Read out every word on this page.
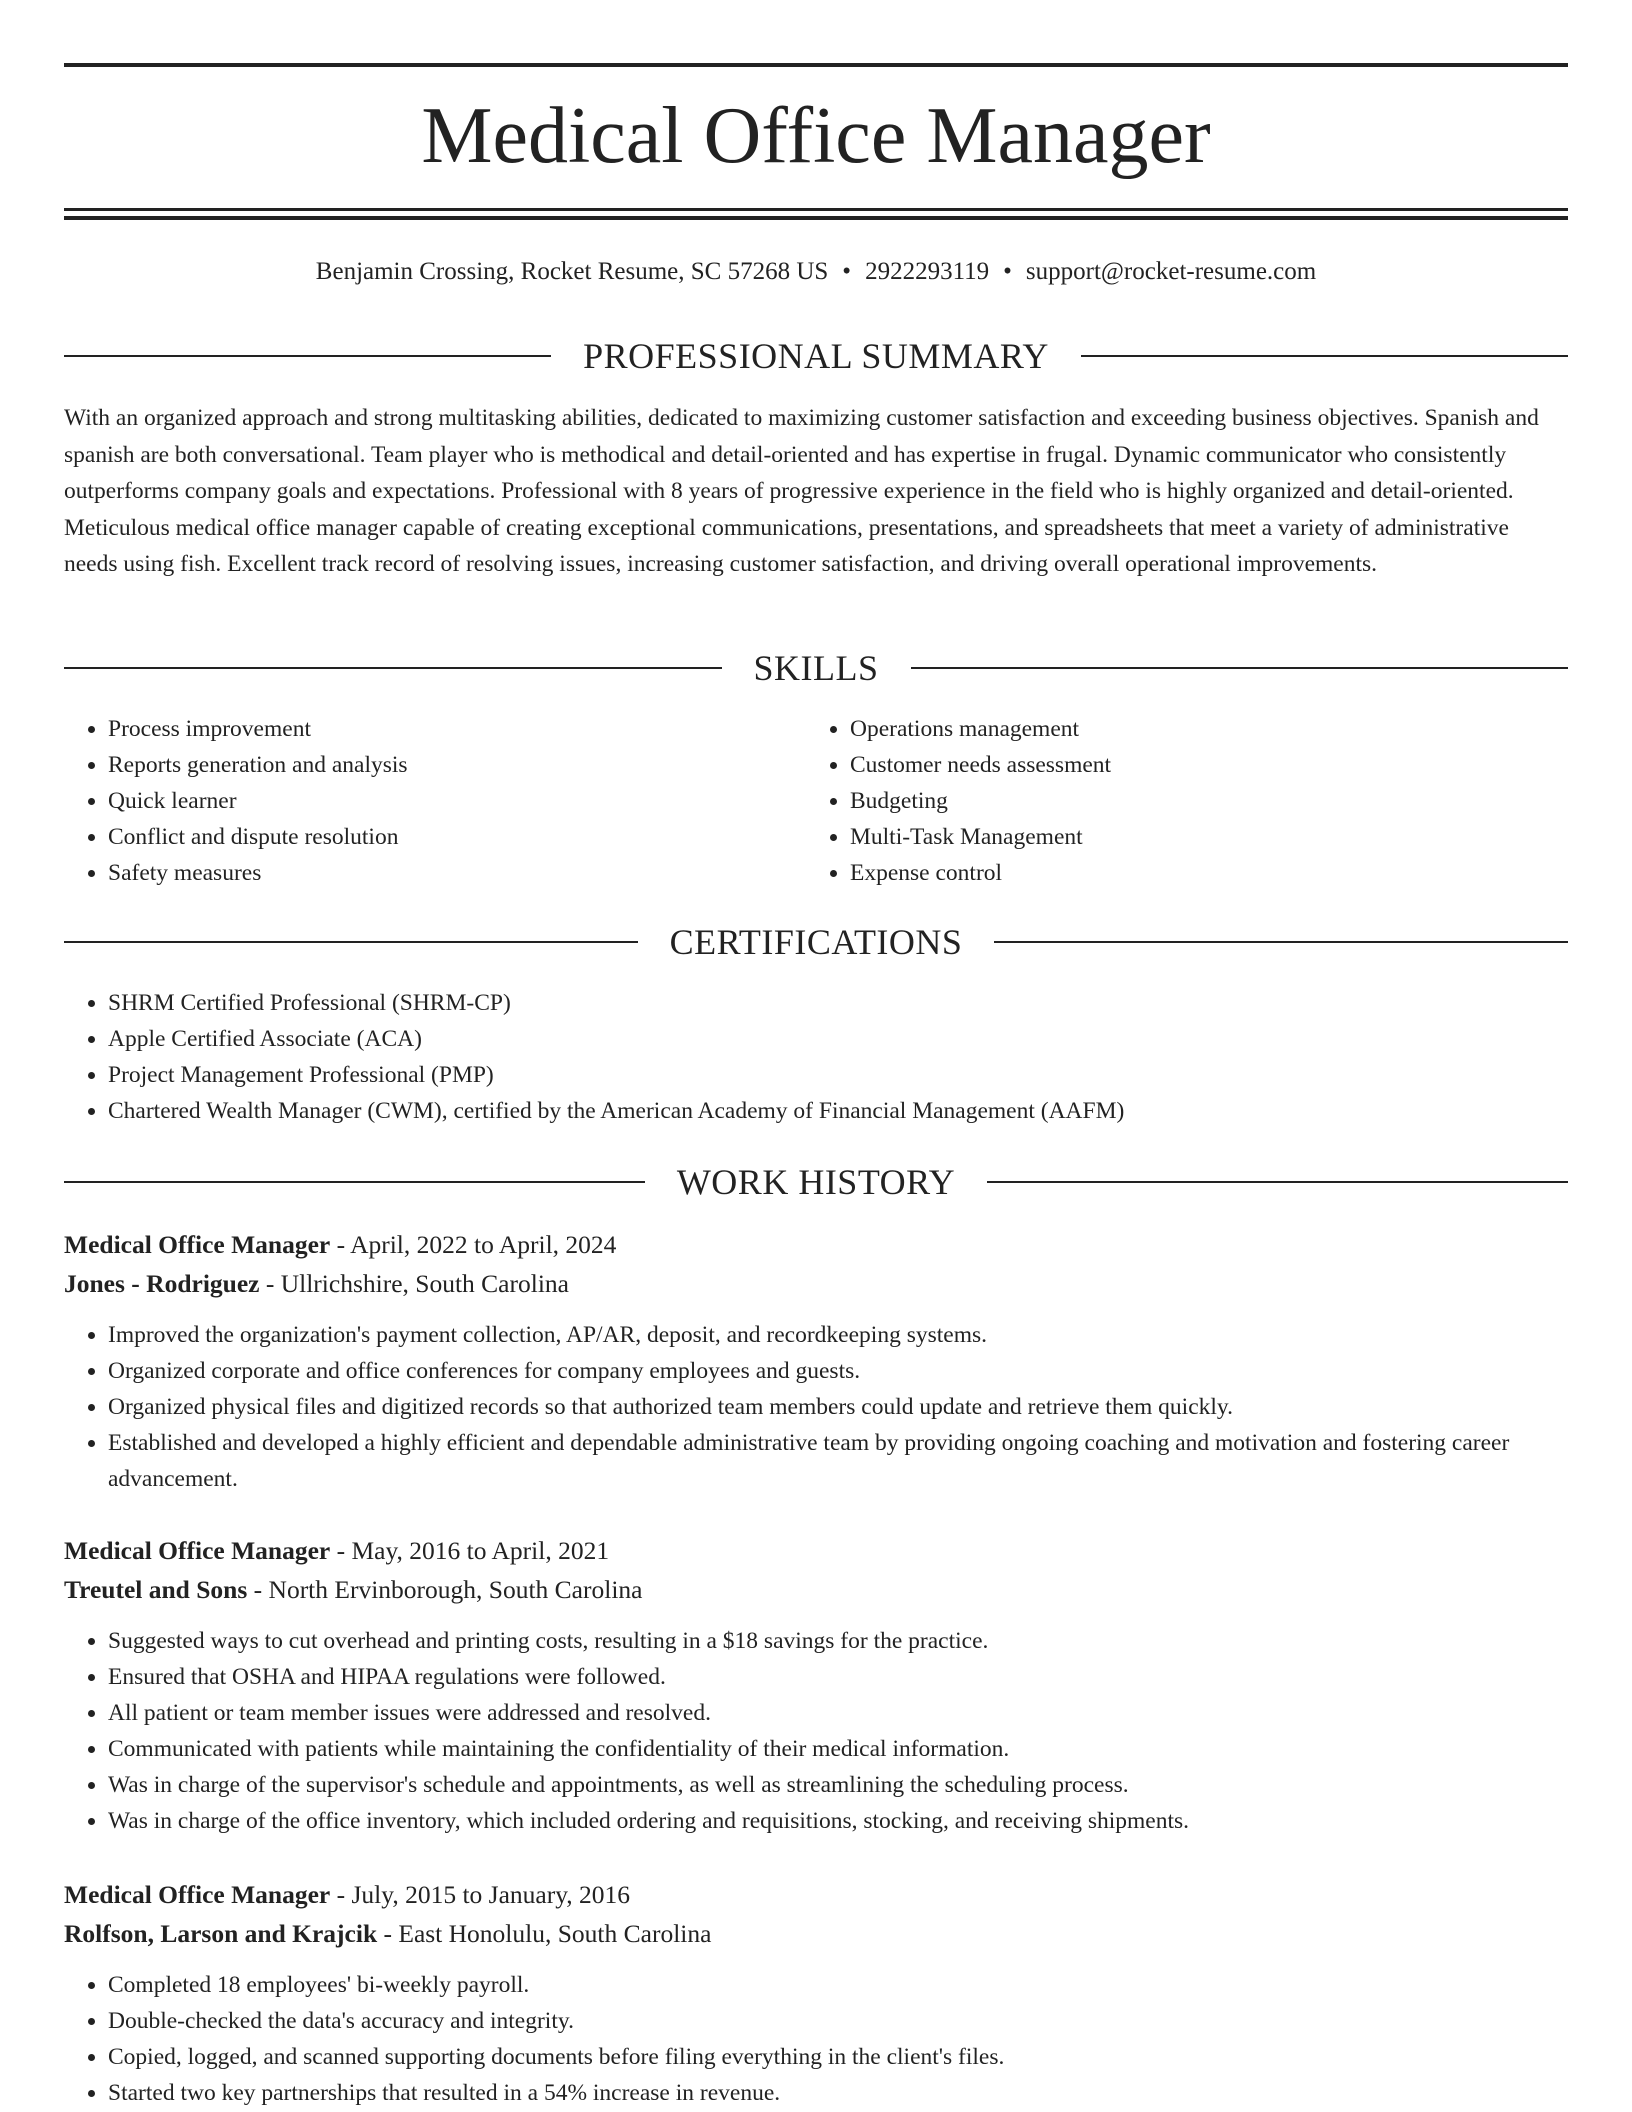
Medical Office Manager
Benjamin Crossing, Rocket Resume, SC 57268 US • 2922293119 • support@rocket-resume.com
PROFESSIONAL SUMMARY

With an organized approach and strong multitasking abilities, dedicated to maximizing customer satisfaction and exceeding business objectives. Spanish and spanish are both conversational. Team player who is methodical and detail-oriented and has expertise in frugal. Dynamic communicator who consistently outperforms company goals and expectations. Professional with 8 years of progressive experience in the field who is highly organized and detail-oriented. Meticulous medical office manager capable of creating exceptional communications, presentations, and spreadsheets that meet a variety of administrative needs using fish. Excellent track record of resolving issues, increasing customer satisfaction, and driving overall operational improvements.

SKILLS
• Process improvement
• Reports generation and analysis
• Quick learner
• Conflict and dispute resolution
• Safety measures
• Operations management
• Customer needs assessment
• Budgeting
• Multi-Task Management
• Expense control
CERTIFICATIONS
• SHRM Certified Professional (SHRM-CP)
• Apple Certified Associate (ACA)
• Project Management Professional (PMP)
• Chartered Wealth Manager (CWM), certified by the American Academy of Financial Management (AAFM)
WORK HISTORY
Medical Office Manager - April, 2022 to April, 2024
Jones - Rodriguez - Ullrichshire, South Carolina
• Improved the organization's payment collection, AP/AR, deposit, and recordkeeping systems.
• Organized corporate and office conferences for company employees and guests.
• Organized physical files and digitized records so that authorized team members could update and retrieve them quickly.
• Established and developed a highly efficient and dependable administrative team by providing ongoing coaching and motivation and fostering career advancement.
Medical Office Manager - May, 2016 to April, 2021
Treutel and Sons - North Ervinborough, South Carolina
• Suggested ways to cut overhead and printing costs, resulting in a $18 savings for the practice.
• Ensured that OSHA and HIPAA regulations were followed.
• All patient or team member issues were addressed and resolved.
• Communicated with patients while maintaining the confidentiality of their medical information.
• Was in charge of the supervisor's schedule and appointments, as well as streamlining the scheduling process.
• Was in charge of the office inventory, which included ordering and requisitions, stocking, and receiving shipments.
Medical Office Manager - July, 2015 to January, 2016
Rolfson, Larson and Krajcik - East Honolulu, South Carolina
• Completed 18 employees' bi-weekly payroll.
• Double-checked the data's accuracy and integrity.
• Copied, logged, and scanned supporting documents before filing everything in the client's files.
• Started two key partnerships that resulted in a 54% increase in revenue.
